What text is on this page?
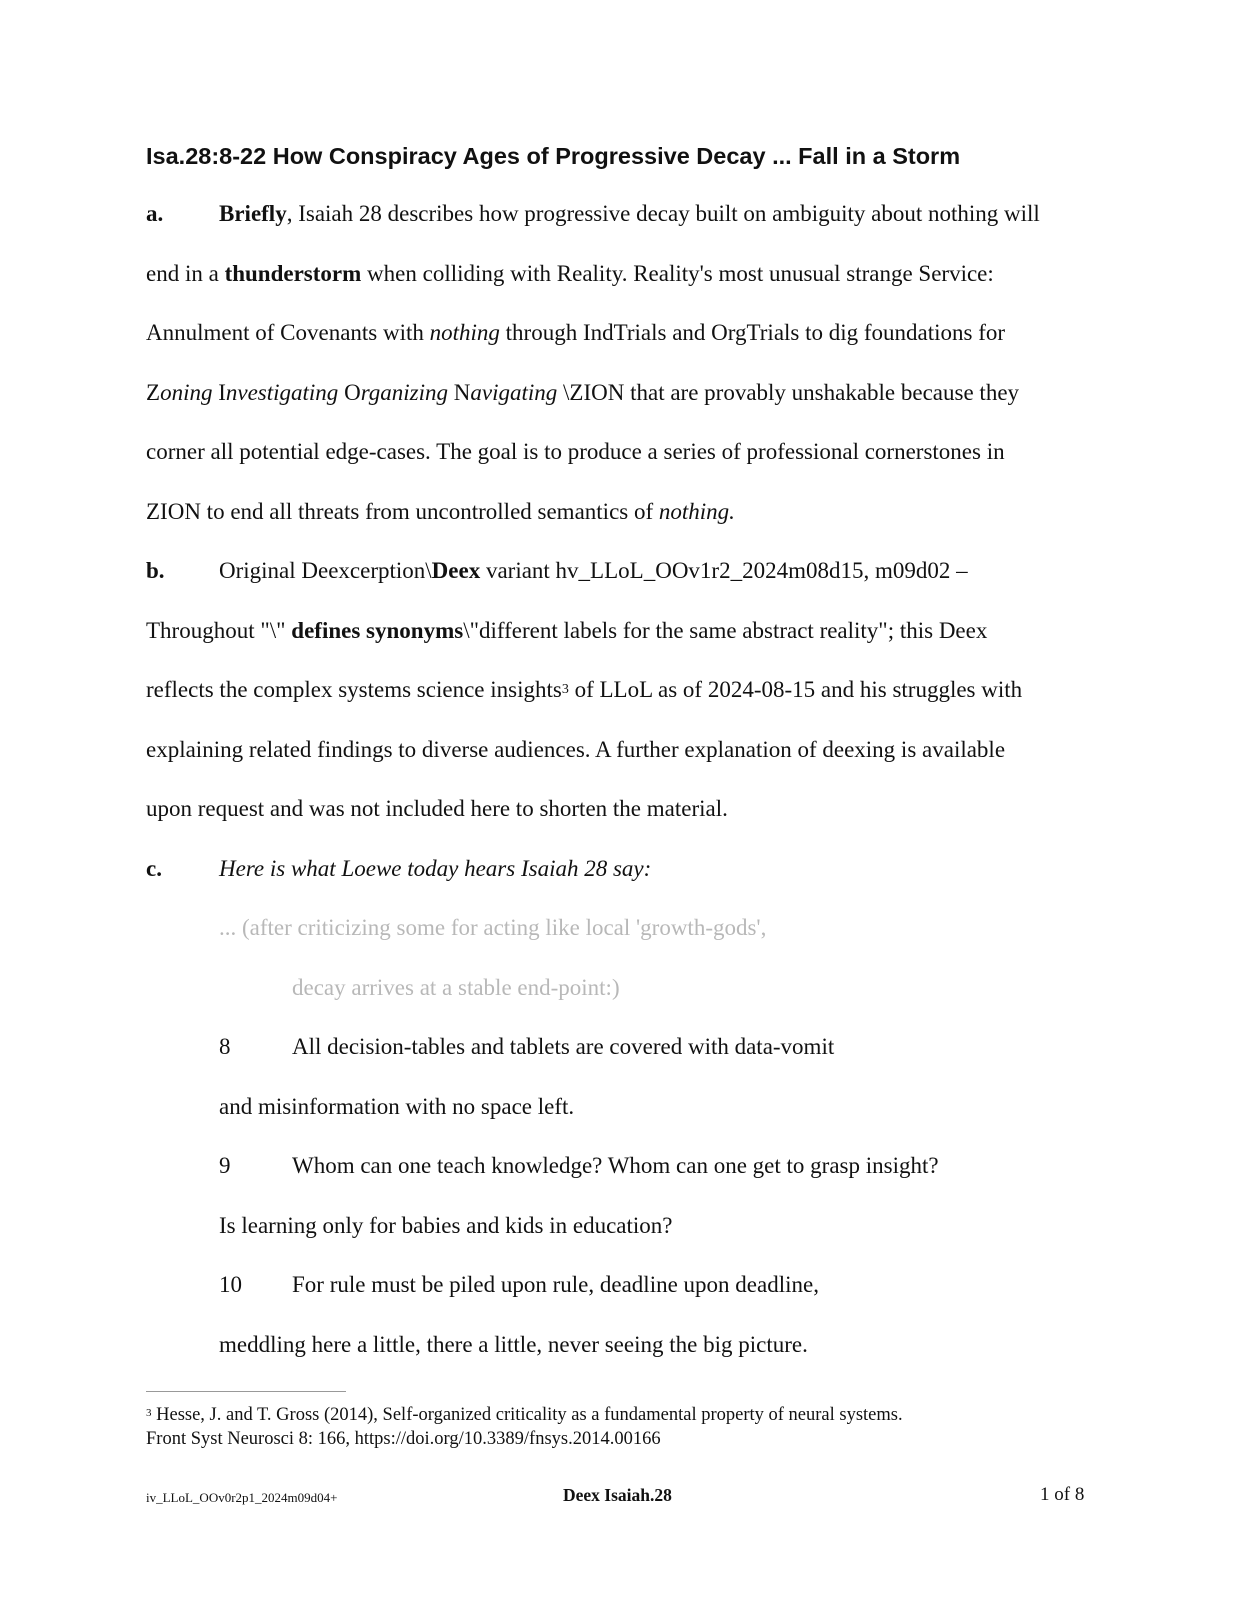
Isa.28:8-22 How Conspiracy Ages of Progressive Decay ... Fall in a Storm
a. Briefly, Isaiah 28 describes how progressive decay built on ambiguity about nothing will
end in a thunderstorm when colliding with Reality. Reality's most unusual strange Service:
Annulment of Covenants with nothing through IndTrials and OrgTrials to dig foundations for
Zoning Investigating Organizing Navigating \ZION that are provably unshakable because they
corner all potential edge-cases. The goal is to produce a series of professional cornerstones in
ZION to end all threats from uncontrolled semantics of nothing.
b. Original Deexcerption\Deex variant hv_LLoL_OOv1r2_2024m08d15, m09d02 –
Throughout "\" defines synonyms\"different labels for the same abstract reality"; this Deex
reflects the complex systems science insights$^3$ of LLoL as of 2024-08-15 and his struggles with
explaining related findings to diverse audiences. A further explanation of deexing is available
upon request and was not included here to shorten the material.
c. Here is what Loewe today hears Isaiah 28 say:
... (after criticizing some for acting like local 'growth-gods',
decay arrives at a stable end-point:)
8	All decision-tables and tablets are covered with data-vomit
and misinformation with no space left.
9	Whom can one teach knowledge? Whom can one get to grasp insight?
Is learning only for babies and kids in education?
10 For rule must be piled upon rule, deadline upon deadline,
meddling here a little, there a little, never seeing the big picture.
$^3$ Hesse, J. and T. Gross (2014), Self-organized criticality as a fundamental property of neural systems.
Front Syst Neurosci 8: 166, https://doi.org/10.3389/fnsys.2014.00166
iv_LLoL_OOv0r2p1_2024m09d04+	Deex Isaiah.28	1 of 8
